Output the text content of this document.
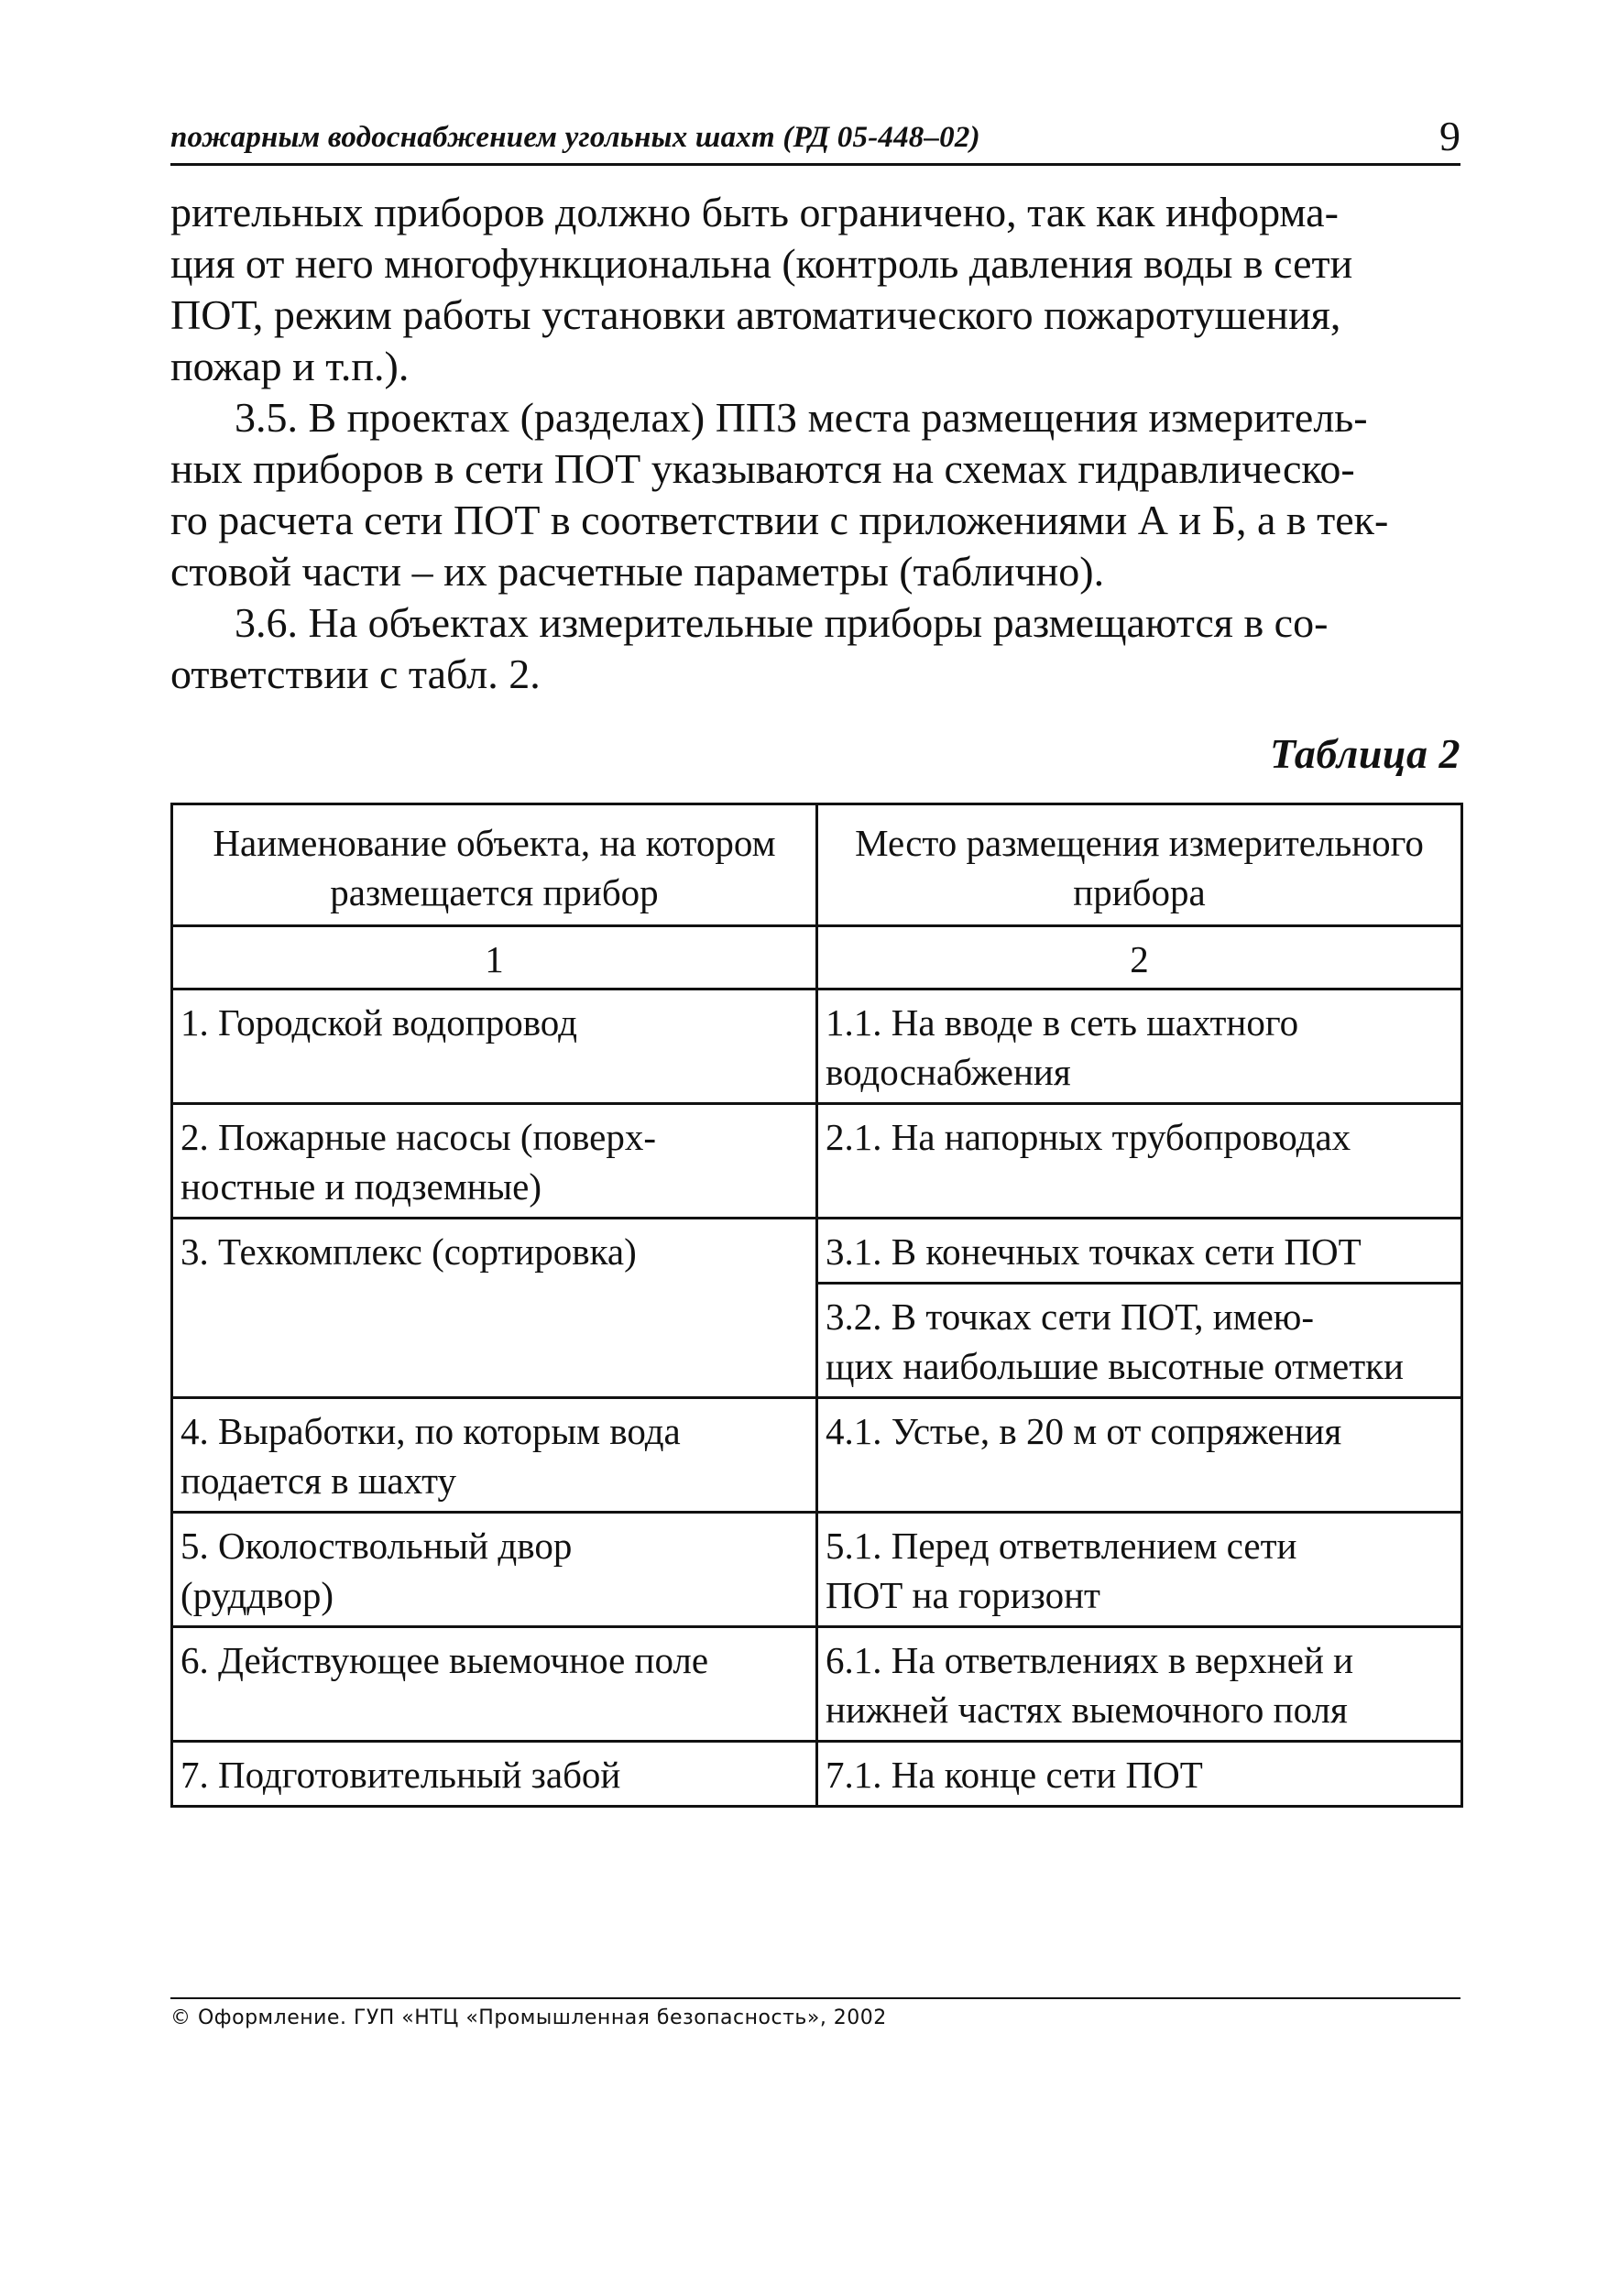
пожарным водоснабжением угольных шахт (РД 05-448–02)	9

рительных приборов должно быть ограничено, так как информа-
ция от него многофункциональна (контроль давления воды в сети
ПОТ, режим работы установки автоматического пожаротушения,
пожар и т.п.).

3.5. В проектах (разделах) ППЗ места размещения измеритель-
ных приборов в сети ПОТ указываются на схемах гидравлическо-
го расчета сети ПОТ в соответствии с приложениями А и Б, а в тек-
стовой части – их расчетные параметры (таблично).

3.6. На объектах измерительные приборы размещаются в со-
ответствии с табл. 2.

Таблица 2
Наименование объекта, на котором размещается прибор	Место размещения измерительного прибора
1	2
1. Городской водопровод	1.1. На вводе в сеть шахтного водоснабжения
2. Пожарные насосы (поверх-
ностные и подземные)	2.1. На напорных трубопроводах
3. Техкомплекс (сортировка)	3.1. В конечных точках сети ПОТ
	3.2. В точках сети ПОТ, имею-
щих наибольшие высотные отметки
4. Выработки, по которым вода подается в шахту	4.1. Устье, в 20 м от сопряжения
5. Околоствольный двор
(руддвор)	5.1. Перед ответвлением сети
ПОТ на горизонт
6. Действующее выемочное поле	6.1. На ответвлениях в верхней и нижней частях выемочного поля
7. Подготовительный забой	7.1. На конце сети ПОТ
© Оформление. ГУП «НТЦ «Промышленная безопасность», 2002
